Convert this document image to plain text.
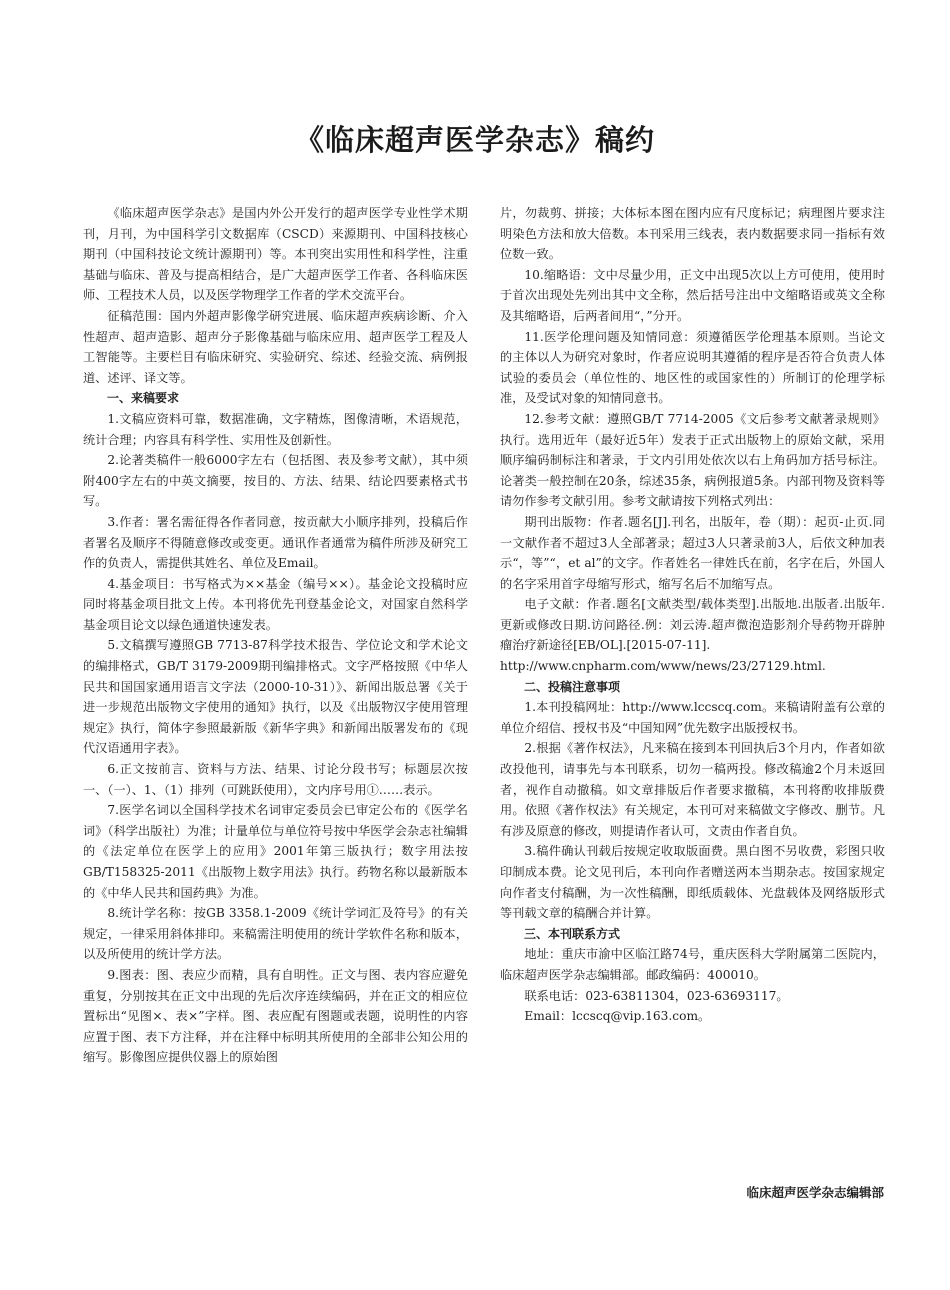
《临床超声医学杂志》稿约

《临床超声医学杂志》是国内外公开发行的超声医学专业性学术期刊，月刊，为中国科学引文数据库（CSCD）来源期刊、中国科技核心期刊（中国科技论文统计源期刊）等。本刊突出实用性和科学性，注重基础与临床、普及与提高相结合，是广大超声医学工作者、各科临床医师、工程技术人员，以及医学物理学工作者的学术交流平台。

征稿范围：国内外超声影像学研究进展、临床超声疾病诊断、介入性超声、超声造影、超声分子影像基础与临床应用、超声医学工程及人工智能等。主要栏目有临床研究、实验研究、综述、经验交流、病例报道、述评、译文等。

一、来稿要求

1.文稿应资料可靠，数据准确，文字精炼，图像清晰，术语规范，统计合理；内容具有科学性、实用性及创新性。

2.论著类稿件一般6000字左右（包括图、表及参考文献），其中须附400字左右的中英文摘要，按目的、方法、结果、结论四要素格式书写。

3.作者：署名需征得各作者同意，按贡献大小顺序排列，投稿后作者署名及顺序不得随意修改或变更。通讯作者通常为稿件所涉及研究工作的负责人，需提供其姓名、单位及Email。

4.基金项目：书写格式为××基金（编号××）。基金论文投稿时应同时将基金项目批文上传。本刊将优先刊登基金论文，对国家自然科学基金项目论文以绿色通道快速发表。

5.文稿撰写遵照GB 7713-87科学技术报告、学位论文和学术论文的编排格式，GB/T 3179-2009期刊编排格式。文字严格按照《中华人民共和国国家通用语言文字法（2000-10-31）》、新闻出版总署《关于进一步规范出版物文字使用的通知》执行，以及《出版物汉字使用管理规定》执行，简体字参照最新版《新华字典》和新闻出版署发布的《现代汉语通用字表》。

6.正文按前言、资料与方法、结果、讨论分段书写；标题层次按一、（一）、1、（1）排列（可跳跃使用），文内序号用①……表示。

7.医学名词以全国科学技术名词审定委员会已审定公布的《医学名词》（科学出版社）为准；计量单位与单位符号按中华医学会杂志社编辑的《法定单位在医学上的应用》2001年第三版执行；数字用法按GB/T158325-2011《出版物上数字用法》执行。药物名称以最新版本的《中华人民共和国药典》为准。

8.统计学名称：按GB 3358.1-2009《统计学词汇及符号》的有关规定，一律采用斜体排印。来稿需注明使用的统计学软件名称和版本，以及所使用的统计学方法。

9.图表：图、表应少而精，具有自明性。正文与图、表内容应避免重复，分别按其在正文中出现的先后次序连续编码，并在正文的相应位置标出“见图×、表×”字样。图、表应配有图题或表题，说明性的内容应置于图、表下方注释，并在注释中标明其所使用的全部非公知公用的缩写。影像图应提供仪器上的原始图

片，勿裁剪、拼接；大体标本图在图内应有尺度标记；病理图片要求注明染色方法和放大倍数。本刊采用三线表，表内数据要求同一指标有效位数一致。

10.缩略语：文中尽量少用，正文中出现5次以上方可使用，使用时于首次出现处先列出其中文全称，然后括号注出中文缩略语或英文全称及其缩略语，后两者间用“，”分开。

11.医学伦理问题及知情同意：须遵循医学伦理基本原则。当论文的主体以人为研究对象时，作者应说明其遵循的程序是否符合负责人体试验的委员会（单位性的、地区性的或国家性的）所制订的伦理学标准，及受试对象的知情同意书。

12.参考文献：遵照GB/T 7714-2005《文后参考文献著录规则》执行。选用近年（最好近5年）发表于正式出版物上的原始文献，采用顺序编码制标注和著录，于文内引用处依次以右上角码加方括号标注。论著类一般控制在20条，综述35条，病例报道5条。内部刊物及资料等请勿作参考文献引用。参考文献请按下列格式列出：

期刊出版物：作者.题名[J].刊名，出版年，卷（期）：起页-止页.同一文献作者不超过3人全部著录；超过3人只著录前3人，后依文种加表示“，等”“，et al”的文字。作者姓名一律姓氏在前，名字在后，外国人的名字采用首字母缩写形式，缩写名后不加缩写点。

电子文献：作者.题名[文献类型/载体类型].出版地.出版者.出版年.更新或修改日期.访问路径.例：刘云涛.超声微泡造影剂介导药物开辟肿瘤治疗新途径[EB/OL].[2015-07-11].

http://www.cnpharm.com/www/news/23/27129.html.

二、投稿注意事项

1.本刊投稿网址：http://www.lccscq.com。来稿请附盖有公章的单位介绍信、授权书及“中国知网”优先数字出版授权书。

2.根据《著作权法》，凡来稿在接到本刊回执后3个月内，作者如欲改投他刊，请事先与本刊联系，切勿一稿两投。修改稿逾2个月未返回者，视作自动撤稿。如文章排版后作者要求撤稿，本刊将酌收排版费用。依照《著作权法》有关规定，本刊可对来稿做文字修改、删节。凡有涉及原意的修改，则提请作者认可，文责由作者自负。

3.稿件确认刊载后按规定收取版面费。黑白图不另收费，彩图只收印制成本费。论文见刊后，本刊向作者赠送两本当期杂志。按国家规定向作者支付稿酬，为一次性稿酬，即纸质载体、光盘载体及网络版形式等刊载文章的稿酬合并计算。

三、本刊联系方式

地址：重庆市渝中区临江路74号，重庆医科大学附属第二医院内，临床超声医学杂志编辑部。邮政编码：400010。

联系电话：023-63811304，023-63693117。

Email：lccscq@vip.163.com。

临床超声医学杂志编辑部
